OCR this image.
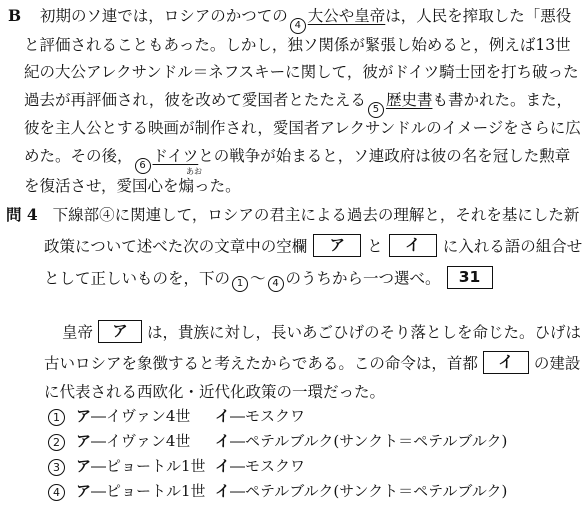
B 初期のソ連では，ロシアのかつての4大公や皇帝は，人民を搾取した「悪役
と評価されることもあった。しかし，独ソ関係が緊張し始めると，例えば13世
紀の大公アレクサンドル＝ネフスキーに関して，彼がドイツ騎士団を打ち破った
過去が再評価され，彼を改めて愛国者とたたえる5歴史書も書かれた。また，
彼を主人公とする映画が制作され，愛国者アレクサンドルのイメージをさらに広
めた。その後，6ドイツとの戦争が始まると，ソ連政府は彼の名を冠した勲章
あお
を復活させ，愛国心を煽った。
問 4 下線部④に関連して，ロシアの君主による過去の理解と，それを基にした新
政策について述べた次の文章中の空欄 ア と イ に入れる語の組合せ
として正しいものを，下の 1 ～ 4 のうちから一つ選べ。 31
皇帝 ア は，貴族に対し，長いあごひげのそり落としを命じた。ひげは
古いロシアを象徴すると考えたからである。この命令は，首都 イ の建設
に代表される西欧化・近代化政策の一環だった。
1 ア―イヴァン4世 イ―モスクワ
2 ア―イヴァン4世 イ―ペテルブルク(サンクト＝ペテルブルク)
3 ア―ピョートル1世 イ―モスクワ
4 ア―ピョートル1世 イ―ペテルブルク(サンクト＝ペテルブルク)
